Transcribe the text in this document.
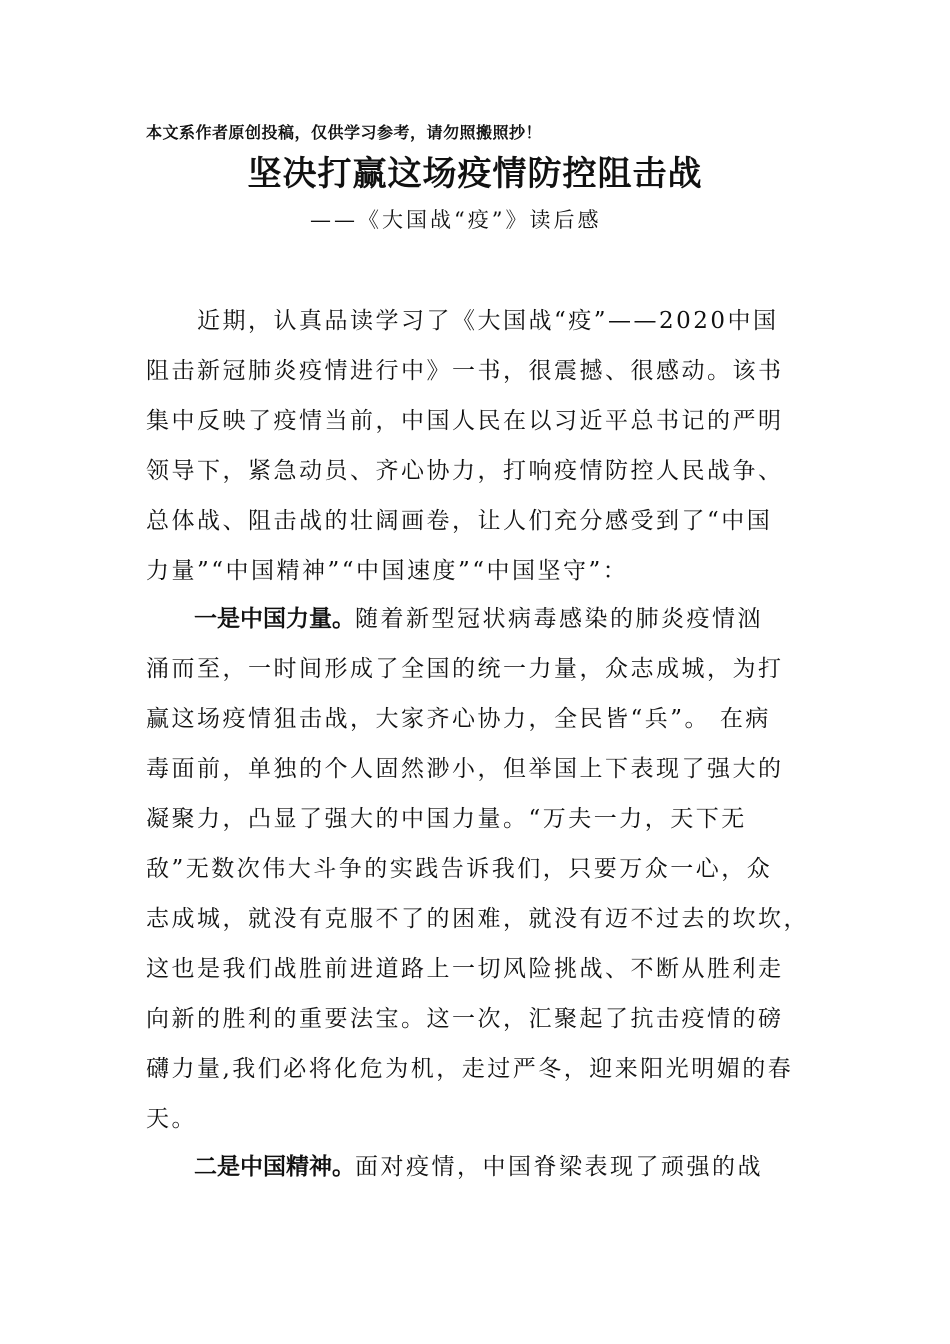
本文系作者原创投稿，仅供学习参考，请勿照搬照抄！
坚决打赢这场疫情防控阻击战
——《大国战“疫”》读后感
　　近期，认真品读学习了《大国战“疫”——2020中国
阻击新冠肺炎疫情进行中》一书，很震撼、很感动。该书
集中反映了疫情当前，中国人民在以习近平总书记的严明
领导下，紧急动员、齐心协力，打响疫情防控人民战争、
总体战、阻击战的壮阔画卷，让人们充分感受到了“中国
力量”“中国精神”“中国速度”“中国坚守”：
一是中国力量。随着新型冠状病毒感染的肺炎疫情汹
涌而至，一时间形成了全国的统一力量，众志成城，为打
赢这场疫情狙击战，大家齐心协力，全民皆“兵”。 在病
毒面前，单独的个人固然渺小，但举国上下表现了强大的
凝聚力，凸显了强大的中国力量。“万夫一力，天下无
敌”无数次伟大斗争的实践告诉我们，只要万众一心，众
志成城，就没有克服不了的困难，就没有迈不过去的坎坎，
这也是我们战胜前进道路上一切风险挑战、不断从胜利走
向新的胜利的重要法宝。这一次，汇聚起了抗击疫情的磅
礴力量,我们必将化危为机，走过严冬，迎来阳光明媚的春
天。
二是中国精神。面对疫情，中国脊梁表现了顽强的战
